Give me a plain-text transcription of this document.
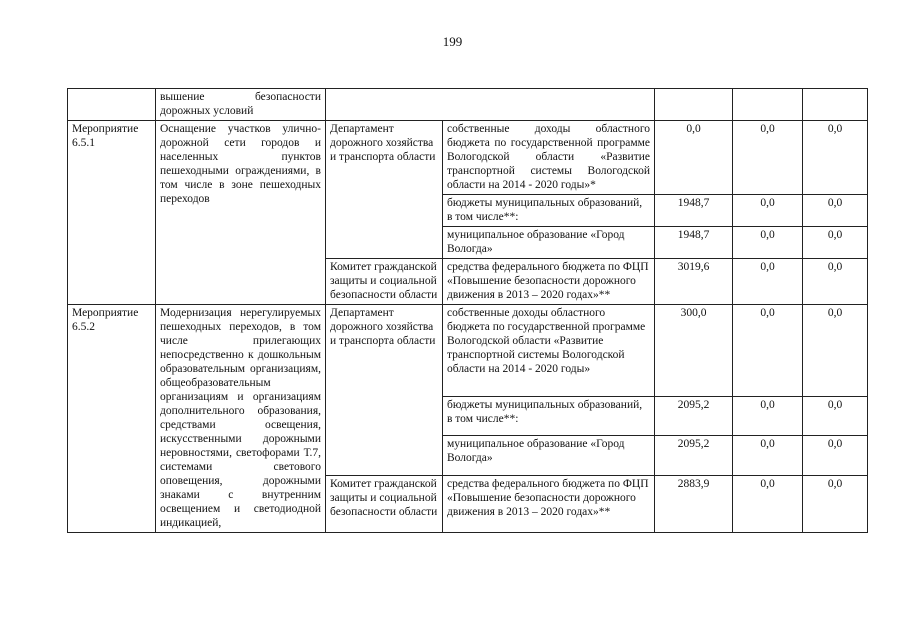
199
	вышение безопасности дорожных условий					
Мероприятие 6.5.1	Оснащение участков улично-дорожной сети городов и населенных пунктов пешеходными ограждениями, в том числе в зоне пешеходных переходов	Департамент дорожного хозяйства и транспорта области	собственные доходы областного бюджета по государственной программе Вологодской области «Развитие транспортной системы Вологодской области на 2014 - 2020 годы»*	0,0	0,0	0,0
			бюджеты муниципальных образований, в том числе**:	1948,7	0,0	0,0
			муниципальное образование «Город Вологда»	1948,7	0,0	0,0
		Комитет гражданской защиты и социальной безопасности области	средства федерального бюджета по ФЦП «Повышение безопасности дорожного движения в 2013 – 2020 годах»**	3019,6	0,0	0,0
Мероприятие 6.5.2	Модернизация нерегулируемых пешеходных переходов, в том числе прилегающих непосредственно к дошкольным образовательным организациям, общеобразовательным организациям и организациям дополнительного образования, средствами освещения, искусственными дорожными неровностями, светофорами Т.7, системами светового оповещения, дорожными знаками с внутренним освещением и светодиодной индикацией,	Департамент дорожного хозяйства и транспорта области	собственные доходы областного бюджета по государственной программе Вологодской области «Развитие транспортной системы Вологодской области на 2014 - 2020 годы»	300,0	0,0	0,0
			бюджеты муниципальных образований, в том числе**:	2095,2	0,0	0,0
			муниципальное образование «Город Вологда»	2095,2	0,0	0,0
		Комитет гражданской защиты и социальной безопасности области	средства федерального бюджета по ФЦП «Повышение безопасности дорожного движения в 2013 – 2020 годах»**	2883,9	0,0	0,0
